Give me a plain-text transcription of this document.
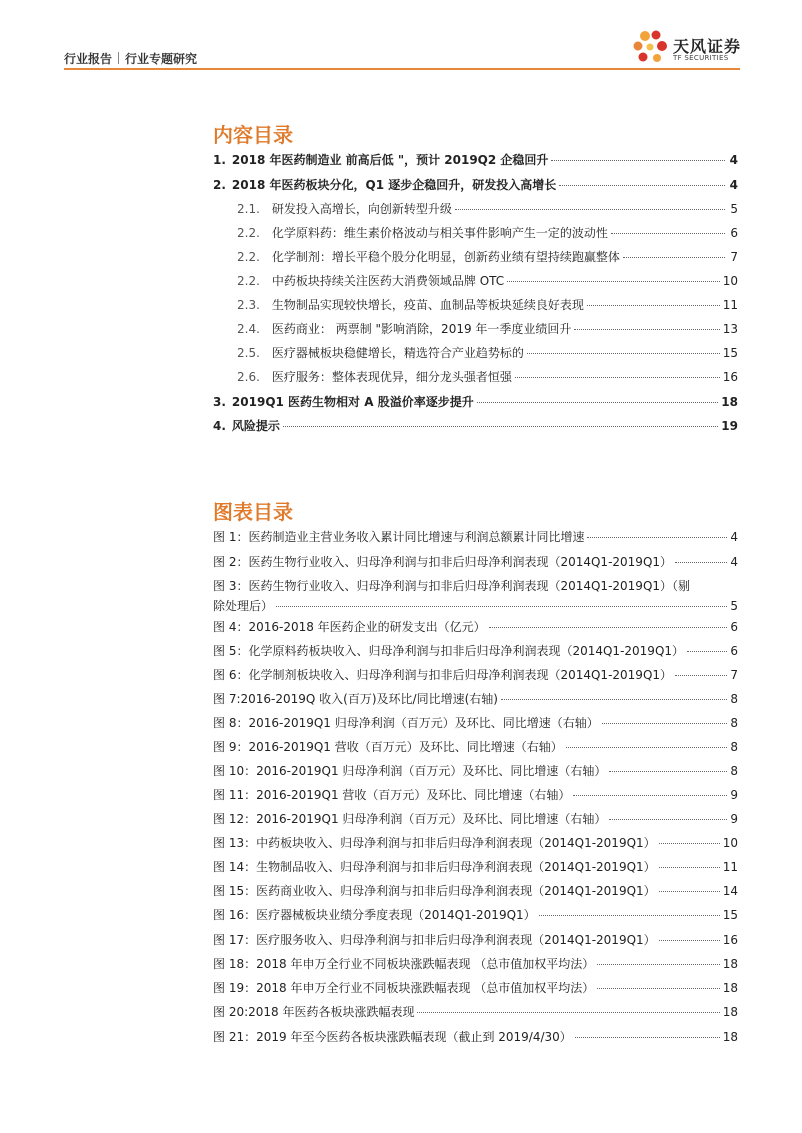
行业报告 行业专题研究
天风证券
TF SECURITIES
内容目录
1. 2018 年医药制造业 前高后低 "，预计 2019Q2 企稳回升	4
2. 2018 年医药板块分化，Q1 逐步企稳回升，研发投入高增长	4
2.1. 研发投入高增长，向创新转型升级	5
2.2. 化学原料药：维生素价格波动与相关事件影响产生一定的波动性	6
2.2. 化学制剂：增长平稳个股分化明显，创新药业绩有望持续跑赢整体	7
2.2. 中药板块持续关注医药大消费领域品牌 OTC	10
2.3. 生物制品实现较快增长，疫苗、血制品等板块延续良好表现	11
2.4. 医药商业： 两票制 "影响消除，2019 年一季度业绩回升	13
2.5. 医疗器械板块稳健增长，精选符合产业趋势标的	15
2.6. 医疗服务：整体表现优异，细分龙头强者恒强	16
3. 2019Q1 医药生物相对 A 股溢价率逐步提升	18
4. 风险提示	19
图表目录
图 1：医药制造业主营业务收入累计同比增速与利润总额累计同比增速	4
图 2：医药生物行业收入、归母净利润与扣非后归母净利润表现（2014Q1-2019Q1）	4
图 3：医药生物行业收入、归母净利润与扣非后归母净利润表现（2014Q1-2019Q1）（剔
除处理后）	5
图 4：2016-2018 年医药企业的研发支出（亿元）	6
图 5：化学原料药板块收入、归母净利润与扣非后归母净利润表现（2014Q1-2019Q1）	6
图 6：化学制剂板块收入、归母净利润与扣非后归母净利润表现（2014Q1-2019Q1）	7
图 7:2016-2019Q 收入(百万)及环比/同比增速(右轴)	8
图 8：2016-2019Q1 归母净利润（百万元）及环比、同比增速（右轴）	8
图 9：2016-2019Q1 营收（百万元）及环比、同比增速（右轴）	8
图 10：2016-2019Q1 归母净利润（百万元）及环比、同比增速（右轴）	8
图 11：2016-2019Q1 营收（百万元）及环比、同比增速（右轴）	9
图 12：2016-2019Q1 归母净利润（百万元）及环比、同比增速（右轴）	9
图 13：中药板块收入、归母净利润与扣非后归母净利润表现（2014Q1-2019Q1）	10
图 14：生物制品收入、归母净利润与扣非后归母净利润表现（2014Q1-2019Q1）	11
图 15：医药商业收入、归母净利润与扣非后归母净利润表现（2014Q1-2019Q1）	14
图 16：医疗器械板块业绩分季度表现（2014Q1-2019Q1）	15
图 17：医疗服务收入、归母净利润与扣非后归母净利润表现（2014Q1-2019Q1）	16
图 18：2018 年申万全行业不同板块涨跌幅表现 （总市值加权平均法）	18
图 19：2018 年申万全行业不同板块涨跌幅表现 （总市值加权平均法）	18
图 20:2018 年医药各板块涨跌幅表现	18
图 21：2019 年至今医药各板块涨跌幅表现（截止到 2019/4/30）	18
